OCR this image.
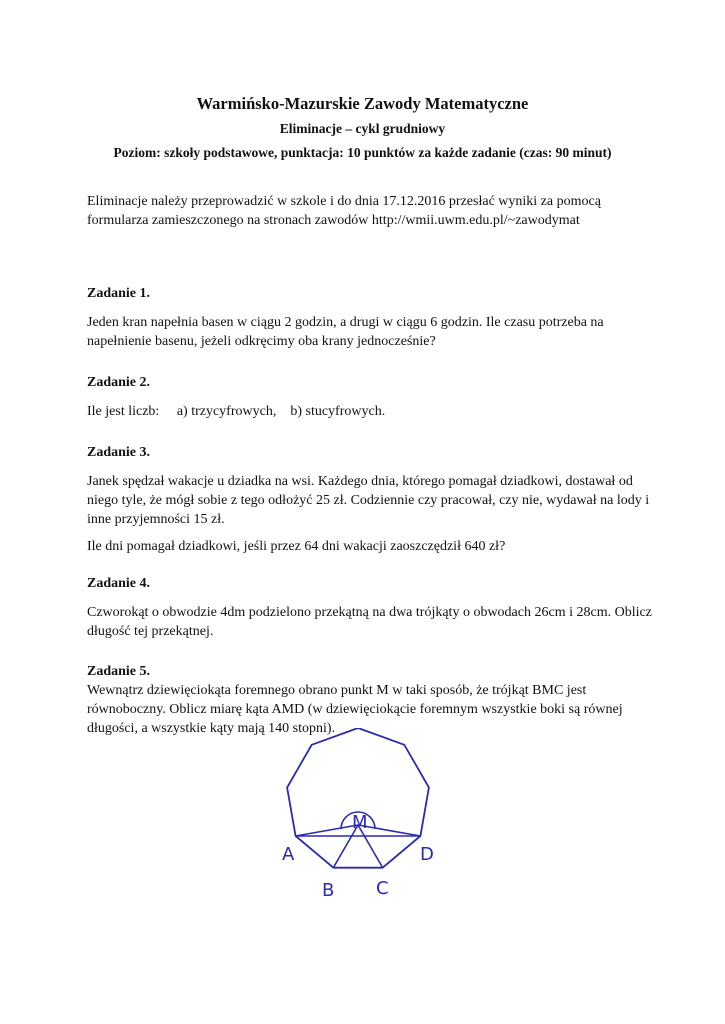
Warmińsko-Mazurskie Zawody Matematyczne
Eliminacje – cykl grudniowy
Poziom: szkoły podstawowe, punktacja: 10 punktów za każde zadanie (czas: 90 minut)
Eliminacje należy przeprowadzić w szkole i do dnia 17.12.2016 przesłać wyniki za pomocą
formularza zamieszczonego na stronach zawodów http://wmii.uwm.edu.pl/~zawodymat
Zadanie 1.

Jeden kran napełnia basen w ciągu 2 godzin, a drugi w ciągu 6 godzin. Ile czasu potrzeba na napełnienie basenu, jeżeli odkręcimy oba krany jednocześnie?

Zadanie 2.

Ile jest liczb: a) trzycyfrowych, b) stucyfrowych.

Zadanie 3.

Janek spędzał wakacje u dziadka na wsi. Każdego dnia, którego pomagał dziadkowi, dostawał od niego tyle, że mógł sobie z tego odłożyć 25 zł. Codziennie czy pracował, czy nie, wydawał na lody i inne przyjemności 15 zł.

Ile dni pomagał dziadkowi, jeśli przez 64 dni wakacji zaoszczędził 640 zł?

Zadanie 4.

Czworokąt o obwodzie 4dm podzielono przekątną na dwa trójkąty o obwodach 26cm i 28cm. Oblicz długość tej przekątnej.

Zadanie 5.

Wewnątrz dziewięciokąta foremnego obrano punkt M w taki sposób, że trójkąt BMC jest równoboczny. Oblicz miarę kąta AMD (w dziewięciokącie foremnym wszystkie boki są równej długości, a wszystkie kąty mają 140 stopni).

M
A
B C
D
